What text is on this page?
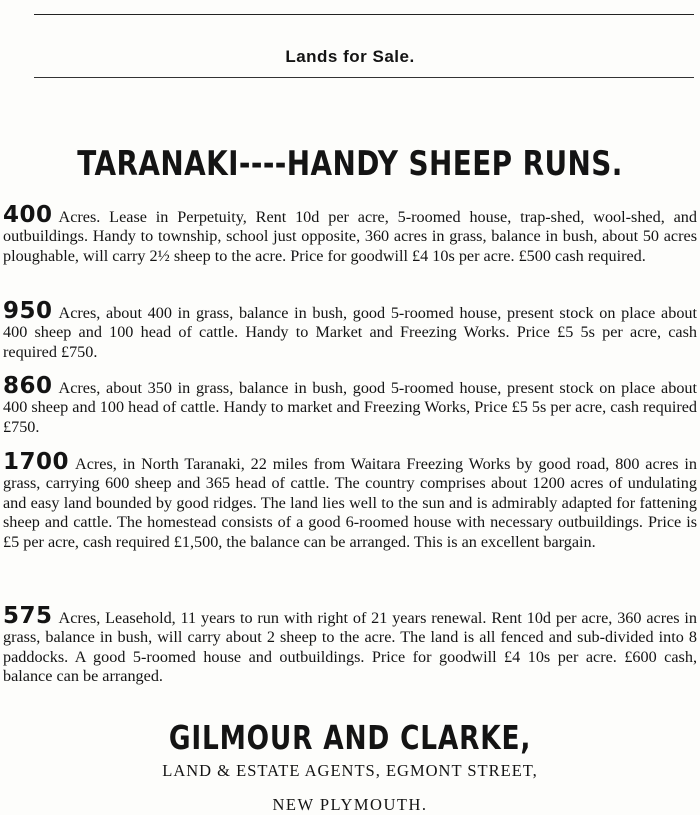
Lands for Sale.
TARANAKI----HANDY SHEEP RUNS.
400 Acres. Lease in Perpetuity, Rent 10d per acre, 5-roomed house, trap-shed, wool-shed, and outbuildings. Handy to township, school just opposite, 360 acres in grass, balance in bush, about 50 acres ploughable, will carry 2½ sheep to the acre. Price for goodwill £4 10s per acre. £500 cash required.
950 Acres, about 400 in grass, balance in bush, good 5-roomed house, present stock on place about 400 sheep and 100 head of cattle. Handy to Market and Freezing Works. Price £5 5s per acre, cash required £750.
860 Acres, about 350 in grass, balance in bush, good 5-roomed house, present stock on place about 400 sheep and 100 head of cattle. Handy to market and Freezing Works, Price £5 5s per acre, cash required £750.
1700 Acres, in North Taranaki, 22 miles from Waitara Freezing Works by good road, 800 acres in grass, carrying 600 sheep and 365 head of cattle. The country comprises about 1200 acres of undulating and easy land bounded by good ridges. The land lies well to the sun and is admirably adapted for fattening sheep and cattle. The homestead consists of a good 6-roomed house with necessary outbuildings. Price is £5 per acre, cash required £1,500, the balance can be arranged. This is an excellent bargain.
575 Acres, Leasehold, 11 years to run with right of 21 years renewal. Rent 10d per acre, 360 acres in grass, balance in bush, will carry about 2 sheep to the acre. The land is all fenced and sub-divided into 8 paddocks. A good 5-roomed house and outbuildings. Price for goodwill £4 10s per acre. £600 cash, balance can be arranged.
GILMOUR AND CLARKE,
LAND & ESTATE AGENTS, EGMONT STREET,
NEW PLYMOUTH.
